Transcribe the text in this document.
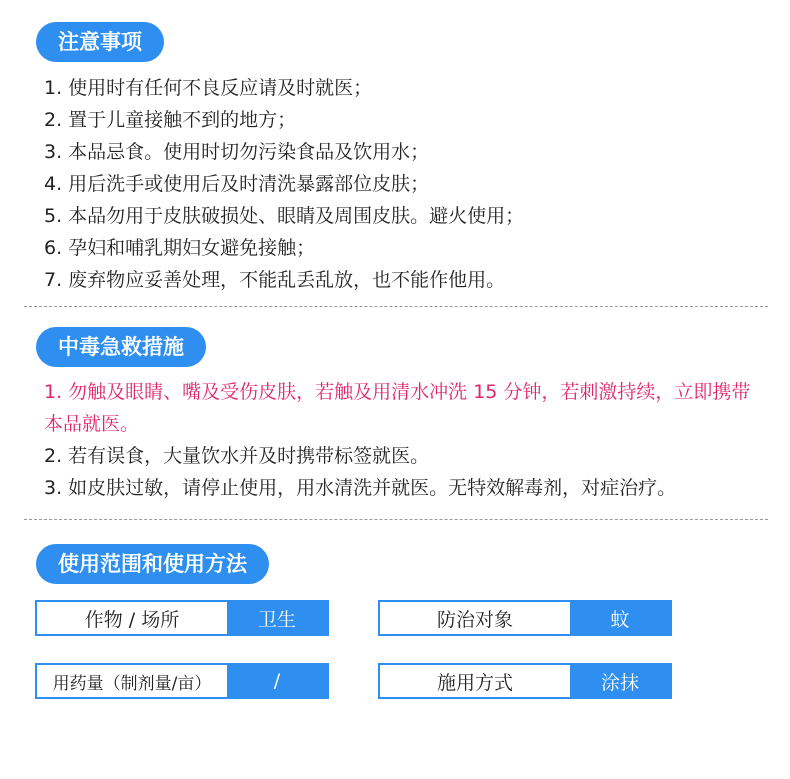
注意事项
1. 使用时有任何不良反应请及时就医；
2. 置于儿童接触不到的地方；
3. 本品忌食。使用时切勿污染食品及饮用水；
4. 用后洗手或使用后及时清洗暴露部位皮肤；
5. 本品勿用于皮肤破损处、眼睛及周围皮肤。避火使用；
6. 孕妇和哺乳期妇女避免接触；
7. 废弃物应妥善处理，不能乱丢乱放，也不能作他用。
中毒急救措施
1. 勿触及眼睛、嘴及受伤皮肤，若触及用清水冲洗 15 分钟，若刺激持续，立即携带本品就医。
2. 若有误食，大量饮水并及时携带标签就医。
3. 如皮肤过敏，请停止使用，用水清洗并就医。无特效解毒剂，对症治疗。
使用范围和使用方法
作物 / 场所	卫生	防治对象	蚊
用药量（制剂量/亩）	/	施用方式	涂抹
